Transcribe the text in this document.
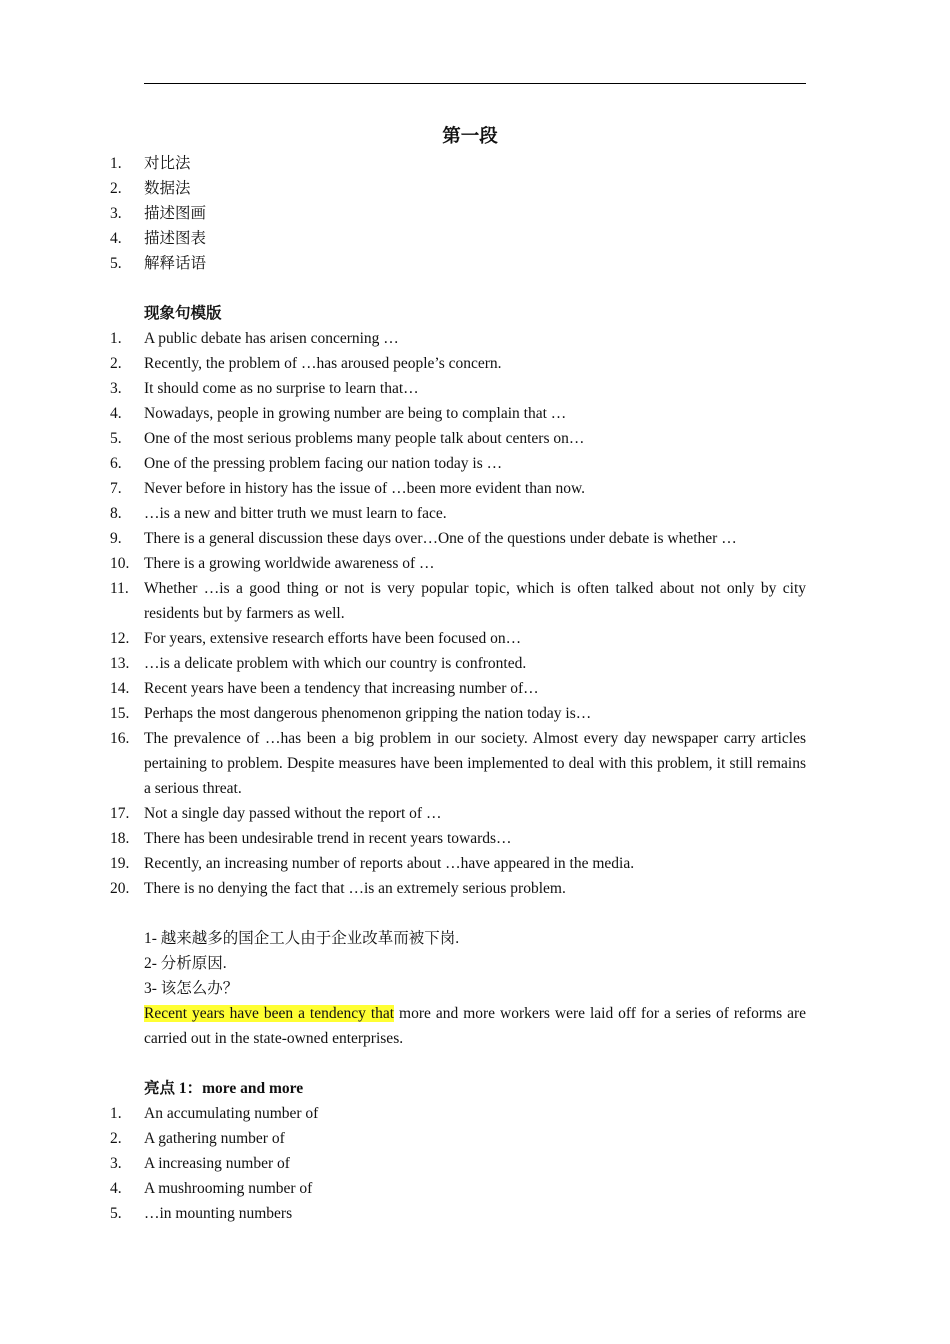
第一段
1. 对比法
2. 数据法
3. 描述图画
4. 描述图表
5. 解释话语
现象句模版
1. A public debate has arisen concerning …
2. Recently, the problem of …has aroused people’s concern.
3. It should come as no surprise to learn that…
4. Nowadays, people in growing number are being to complain that …
5. One of the most serious problems many people talk about centers on…
6. One of the pressing problem facing our nation today is …
7. Never before in history has the issue of …been more evident than now.
8. …is a new and bitter truth we must learn to face.
9. There is a general discussion these days over…One of the questions under debate is whether …
10. There is a growing worldwide awareness of …
11. Whether …is a good thing or not is very popular topic, which is often talked about not only by city residents but by farmers as well.
12. For years, extensive research efforts have been focused on…
13. …is a delicate problem with which our country is confronted.
14. Recent years have been a tendency that increasing number of…
15. Perhaps the most dangerous phenomenon gripping the nation today is…
16. The prevalence of …has been a big problem in our society. Almost every day newspaper carry articles pertaining to problem. Despite measures have been implemented to deal with this problem, it still remains a serious threat.
17. Not a single day passed without the report of …
18. There has been undesirable trend in recent years towards…
19. Recently, an increasing number of reports about …have appeared in the media.
20. There is no denying the fact that …is an extremely serious problem.
1- 越来越多的国企工人由于企业改革而被下岗.
2- 分析原因.
3- 该怎么办？
Recent years have been a tendency that more and more workers were laid off for a series of reforms are carried out in the state-owned enterprises.
亮点 1：more and more
1. An accumulating number of
2. A gathering number of
3. A increasing number of
4. A mushrooming number of
5. …in mounting numbers
